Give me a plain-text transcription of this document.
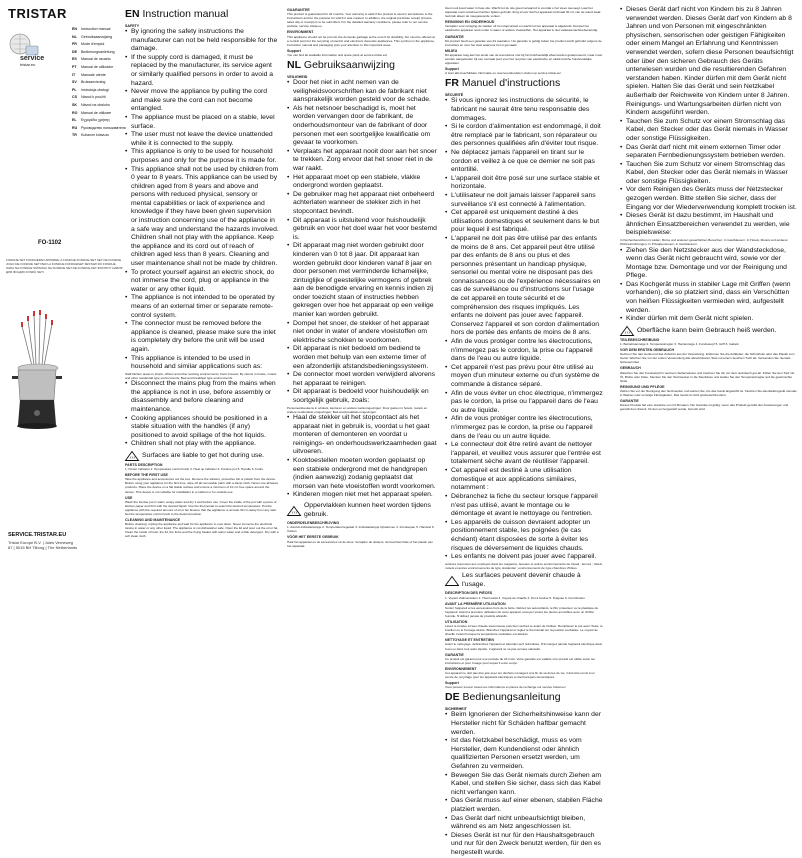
TRISTAR
service
tristar.eu
FO-1102
FONDUE SET FONDUEPAN APPAREIL A FONDUE FONDUE-SET SET DE FONDUE JOGO DE FONDUE SET PER LA FONDUE FONDUESET ZESTAW DO FONDUE SADA NA FONDUE SÚPRAVA NA FONDUE SET DE FONDUE ΣΕΤ ΦΟΝΤΙΟΥ НАБОР ДЛЯ ФОНДЮ FONDÜ SETI
SERVICE.TRISTAR.EU
Tristar Europe B.V. | Jules Verneweg 87 | 5015 BH Tilburg | The Netherlands
EN Instruction manual
NL Gebruiksaanwijzing
FR Mode d'emploi
DE Bedienungsanleitung
ES Manual de usuario
PT Manual de utilizador
IT Manuale utente
SV Bruksanvisning
PL Instrukcja obsługi
CS Návod k použití
SK Návod na obsluhu
RO Manual de utilizare
EL Εγχειρίδιο χρήσης
RU Руководство пользователя
TR Kullanım kılavuzu
EN Instruction manual
SAFETY
• By ignoring the safety instructions the manufacturer can not be held responsible for the damage.
• If the supply cord is damaged, it must be replaced by the manufacturer, its service agent or similarly qualified persons in order to avoid a hazard.
• Never move the appliance by pulling the cord and make sure the cord can not become entangled.
• The appliance must be placed on a stable, level surface.
• The user must not leave the device unattended while it is connected to the supply.
• This appliance is only to be used for household purposes and only for the purpose it is made for.
• This appliance shall not be used by children from 0 year to 8 years. This appliance can be used by children aged from 8 years and above and persons with reduced physical, sensory or mental capabilities or lack of experience and knowledge if they have been given supervision or instruction concerning use of the appliance in a safe way and understand the hazards involved. Children shall not play with the appliance. Keep the appliance and its cord out of reach of children aged less than 8 years. Cleaning and user maintenance shall not be made by children.
• To protect yourself against an electric shock, do not immerse the cord, plug or appliance in the water or any other liquid.
• The appliance is not intended to be operated by means of an external timer or separate remote-control system.
• The connector must be removed before the appliance is cleaned, please make sure the inlet is completely dry before the unit will be used again.
• This appliance is intended to be used in household and similar applications such as:
Staff kitchen areas in shops, offices and other working environments; Farm houses; By clients in hotels, motels and other residential type environments; Bed and breakfast type environments.
• Disconnect the mains plug from the mains when the appliance is not in use, before assembly or disassembly and before cleaning and maintenance.
• Cooking appliances should be positioned in a stable situation with the handles (if any) positioned to avoid spillage of the hot liquids.
• Children shall not play with the appliance.
Surfaces are liable to get hot during use.
PARTS DESCRIPTION
1. Power indicator 2. Temperature control knob 3. Heat up indicator 4. Fondue pot 5. Handle 6. Forks
BEFORE THE FIRST USE
Take the appliance and accessories out the box. Remove the stickers, protective foil or plastic from the device. Before using your appliance for the first time, wipe off all removable parts with a damp cloth. Never use abrasive products. Place the device on a flat stable surface and ensure a minimum of 10 cm free space around the device. This device is not suitable for installation in a cabinet or for outside use.
USE
Wash the fondue pot in warm soapy water and dry it well before use. Cover the inside of the pot with a piece of kitchen paper and fill it with the desired liquid. Use the thermostat to select the desired temperature. Put the appliance with the required amount of oil or fat. Ensure that the appliance is at least 30 cm away from any wall. Set the temperature control knob to the desired position.
CLEANING AND MAINTENANCE
Before cleaning, unplug the appliance and wait for the appliance to cool down. Never immerse the electrical device in water or any other liquid. The appliance is not dishwasher safe. Open the lid and pour out the oil or fat. Clean the inside of bowl, the lid, the forks and the frying basket with warm water and a little detergent. Dry with a soft clean cloth.
GUARANTEE
This product is guaranteed for 24 months. Your warranty is valid if the product is used in accordance to the instructions and for the purpose for which it was created. In addition, the original purchase receipt (invoice, sales slip or receipt) is to be submitted. For the detailed warranty conditions, please refer to our service website: service.tristar.eu
ENVIRONMENT
This appliance should not be put into the domestic garbage at the end of its durability, but must be offered at a central point for the recycling of electric and electronic domestic appliances. This symbol on the appliance, instruction manual and packaging puts your attention to this important issue.
Support
You can find all available information and spare parts at service.tristar.eu!
NL Gebruiksaanwijzing
VEILIGHEID
• Door het niet in acht nemen van de veiligheidsvoorschriften kan de fabrikant niet aansprakelijk worden gesteld voor de schade.
• Als het netsnoer beschadigd is, moet het worden vervangen door de fabrikant, de onderhoudsmonteur van de fabrikant of door personen met een soortgelijke kwalificatie om gevaar te voorkomen.
• Verplaats het apparaat nooit door aan het snoer te trekken. Zorg ervoor dat het snoer niet in de war raakt.
• Het apparaat moet op een stabiele, vlakke ondergrond worden geplaatst.
• De gebruiker mag het apparaat niet onbeheerd achterlaten wanneer de stekker zich in het stopcontact bevindt.
• Dit apparaat is uitsluitend voor huishoudelijk gebruik en voor het doel waar het voor bestemd is.
• Dit apparaat mag niet worden gebruikt door kinderen van 0 tot 8 jaar. Dit apparaat kan worden gebruikt door kinderen vanaf 8 jaar en door personen met verminderde lichamelijke, zintuiglijke of geestelijke vermogens of gebrek aan de benodigde ervaring en kennis indien zij onder toezicht staan of instructies hebben gekregen over hoe het apparaat op een veilige manier kan worden gebruikt.
• Dompel het snoer, de stekker of het apparaat niet onder in water of andere vloeistoffen om elektrische schokken te voorkomen.
• Dit apparaat is niet bedoeld om bediend te worden met behulp van een externe timer of een afzonderlijk afstandsbedieningssysteem.
• De connector moet worden verwijderd alvorens het apparaat te reinigen.
• Dit apparaat is bedoeld voor huishoudelijk en soortgelijk gebruik, zoals:
Personeelskeukens in winkels, kantoren en andere werkomgevingen; Door gasten in hotels, motels en andere residentiële omgevingen; Bed-and-breakfast-omgevingen.
• Haal de stekker uit het stopcontact als het apparaat niet in gebruik is, voordat u het gaat monteren of demonteren en voordat u reinigings- en onderhoudswerkzaamheden gaat uitvoeren.
• Kooktoestellen moeten worden geplaatst op een stabiele ondergrond met de handgrepen (indien aanwezig) zodanig geplaatst dat morsen van hete vloeistoffen wordt voorkomen.
• Kinderen mogen niet met het apparaat spelen.
Oppervlakken kunnen heet worden tijdens gebruik.
ONDERDELENBESCHRIJVING
1. Aan/uit-indicatielampje 2. Temperatuurregelaar 3. Indicatielampje Opwarmen 4. Fonduepan 5. Handvat 6. Vorken
VÓÓR HET EERSTE GEBRUIK
Haal het apparaat en de accessoires uit de doos. Verwijder de stickers, de beschermfolie of het plastic van het apparaat.
Giet nooit koud water in hete olie. Wacht tot de olie goed verwarmd is voordat u het vlees toevoegt. Laat het apparaat nooit onbeheerd achter tijdens gebruik. Zorg ervoor dat het apparaat minimaal 30 cm van de wand staat. Gebruik alleen de meegeleverde vorken.
REINIGING EN ONDERHOUD
Verwijder voor reiniging de stekker uit het stopcontact en wacht tot het apparaat is afgekoeld. Dompel het elektrische apparaat nooit onder in water of andere vloeistoffen. Het apparaat is niet vaatwasmachinebestendig.
GARANTIE
Dit product heeft een garantie van 24 maanden. Uw garantie is geldig indien het product wordt gebruikt volgens de instructies en voor het doel waarvoor het is gemaakt.
MILIEU
Dit apparaat mag aan het einde van de levensduur niet bij het huishoudelijk afval worden gedeponeerd, maar moet worden aangeboden bij een centraal punt voor het recyclen van elektrische en elektronische huishoudelijke apparaten.
Support
U kunt alle beschikbare informatie en reserveonderdelen vinden op service.tristar.eu!
FR Manuel d'instructions
SÉCURITÉ
• Si vous ignorez les instructions de sécurité, le fabricant ne saurait être tenu responsable des dommages.
• Si le cordon d'alimentation est endommagé, il doit être remplacé par le fabricant, son réparateur ou des personnes qualifiées afin d'éviter tout risque.
• Ne déplacez jamais l'appareil en tirant sur le cordon et veillez à ce que ce dernier ne soit pas entortillé.
• L'appareil doit être posé sur une surface stable et horizontale.
• L'utilisateur ne doit jamais laisser l'appareil sans surveillance s'il est connecté à l'alimentation.
• Cet appareil est uniquement destiné à des utilisations domestiques et seulement dans le but pour lequel il est fabriqué.
• L'appareil ne doit pas être utilisé par des enfants de moins de 8 ans. Cet appareil peut être utilisé par des enfants de 8 ans ou plus et des personnes présentant un handicap physique, sensoriel ou mental voire ne disposant pas des connaissances ou de l'expérience nécessaires en cas de surveillance ou d'instructions sur l'usage de cet appareil en toute sécurité et de compréhension des risques impliqués. Les enfants ne doivent pas jouer avec l'appareil. Conservez l'appareil et son cordon d'alimentation hors de portée des enfants de moins de 8 ans.
• Afin de vous protéger contre les électrocutions, n'immergez pas le cordon, la prise ou l'appareil dans de l'eau ou autre liquide.
• Cet appareil n'est pas prévu pour être utilisé au moyen d'un minuteur externe ou d'un système de commande à distance séparé.
• Afin de vous éviter un choc électrique, n'immergez pas le cordon, la prise ou l'appareil dans de l'eau ou autre liquide.
• Afin de vous protéger contre les électrocutions, n'immergez pas le cordon, la prise ou l'appareil dans de l'eau ou un autre liquide.
• Le connecteur doit être retiré avant de nettoyer l'appareil, et veuillez vous assurer que l'entrée est totalement sèche avant de réutiliser l'appareil.
• Cet appareil est destiné à une utilisation domestique et aux applications similaires, notamment :
• Débranchez la fiche du secteur lorsque l'appareil n'est pas utilisé, avant le montage ou le démontage et avant le nettoyage ou l'entretien.
• Les appareils de cuisson devraient adopter un positionnement stable, les poignées (le cas échéant) étant disposées de sorte à éviter les risques de déversement de liquides chauds.
• Les enfants ne doivent pas jouer avec l'appareil.
cuisines réservées aux employés dans les magasins, bureaux et autres environnements de travail ; fermes ; hôtels, motels et autres environnements de type résidentiel ; environnements de type chambres d'hôtes.
Les surfaces peuvent devenir chaude à l'usage.
DESCRIPTION DES PIÈCES
1. Voyant d'alimentation 2. Thermostat 3. Voyant de chauffe 4. Pot à fondue 5. Poignée 6. Fourchettes
AVANT LA PREMIÈRE UTILISATION
Sortez l'appareil et les accessoires hors de la boîte. Retirez les autocollants, le film protecteur ou le plastique de l'appareil. Avant la première utilisation de votre appareil, essuyez toutes les pièces amovibles avec un chiffon humide. N'utilisez jamais de produits abrasifs.
UTILISATION
Lavez le fondue à l'eau chaude savonneuse puis bien séchez-le avant de l'utiliser. Remplissez le pot avec l'huile, le bouillon ou le fromage désiré. Branchez l'appareil et réglez le thermostat sur la position souhaitée. Le voyant de chauffe s'éteint lorsque la température souhaitée est atteinte.
NETTOYAGE ET ENTRETIEN
Avant le nettoyage, débranchez l'appareil et attendez qu'il refroidisse. N'immergez jamais l'appareil électrique dans l'eau ou dans tout autre liquide. L'appareil ne va pas au lave-vaisselle.
GARANTIE
Ce produit est garanti pour une période de 24 mois. Votre garantie est valable si le produit est utilisé selon les instructions et pour l'usage pour lequel il a été conçu.
ENVIRONNEMENT
Cet appareil ne doit pas être jeté avec les déchets ménagers à la fin de sa durée de vie, il doit être remis à un centre de recyclage pour les appareils électriques et électroniques domestiques.
Support
Vous pouvez trouver toutes les informations et pièces de rechange sur service.tristar.eu!
DE Bedienungsanleitung
SICHERHEIT
• Beim Ignorieren der Sicherheitshinweise kann der Hersteller nicht für Schäden haftbar gemacht werden.
• Ist das Netzkabel beschädigt, muss es vom Hersteller, dem Kundendienst oder ähnlich qualifizierten Personen ersetzt werden, um Gefahren zu vermeiden.
• Bewegen Sie das Gerät niemals durch Ziehen am Kabel, und stellen Sie sicher, dass sich das Kabel nicht verfangen kann.
• Das Gerät muss auf einer ebenen, stabilen Fläche platziert werden.
• Das Gerät darf nicht unbeaufsichtigt bleiben, während es am Netz angeschlossen ist.
• Dieses Gerät ist nur für den Haushaltsgebrauch und nur für den Zweck benutzt werden, für den es hergestellt wurde.
• Dieses Gerät darf nicht von Kindern bis zu 8 Jahren verwendet werden. Dieses Gerät darf von Kindern ab 8 Jahren und von Personen mit eingeschränkten physischen, sensorischen oder geistigen Fähigkeiten oder einem Mangel an Erfahrung und Kenntnissen verwendet werden, sofern diese Personen beaufsichtigt oder über den sicheren Gebrauch des Geräts unterwiesen wurden und die resultierenden Gefahren verstanden haben. Kinder dürfen mit dem Gerät nicht spielen. Halten Sie das Gerät und sein Netzkabel außerhalb der Reichweite von Kindern unter 8 Jahren. Reinigungs- und Wartungsarbeiten dürfen nicht von Kindern ausgeführt werden.
• Tauchen Sie zum Schutz vor einem Stromschlag das Kabel, den Stecker oder das Gerät niemals in Wasser oder sonstige Flüssigkeiten.
• Das Gerät darf nicht mit einem externen Timer oder separaten Fernbedienungssystem betrieben werden.
• Tauchen Sie zum Schutz vor einem Stromschlag das Kabel, den Stecker oder das Gerät niemals in Wasser oder sonstige Flüssigkeiten.
• Vor dem Reinigen des Geräts muss der Netzstecker gezogen werden. Bitte stellen Sie sicher, dass der Eingang vor der Wiederverwendung komplett trocken ist.
• Dieses Gerät ist dazu bestimmt, im Haushalt und ähnlichen Einsatzbereichen verwendet zu werden, wie beispielsweise:
In Küchenbereichen in Läden, Büros und anderen gewerblichen Bereichen; In Gasthäusern; In Hotels, Motels und anderen Wohneinrichtungen; In Privatpensionen; In Gutshäusern.
• Ziehen Sie den Netzstecker aus der Wandsteckdose, wenn das Gerät nicht gebraucht wird, sowie vor der Montage bzw. Demontage und vor der Reinigung und Pflege.
• Das Kochgerät muss in stabiler Lage mit Griffen (wenn vorhanden), die so platziert sind, dass ein Verschütten von heißen Flüssigkeiten vermieden wird, aufgestellt werden.
• Kinder dürfen mit dem Gerät nicht spielen.
Oberfläche kann beim Gebrauch heiß werden.
TEILEBESCHREIBUNG
1. Betriebsanzeige 2. Temperaturregler 3. Heizanzeige 4. Fonduetopf 5. Griff 6. Gabeln
VOR DEM ERSTEN GEBRAUCH
Nehmen Sie das Gerät und das Zubehör aus der Verpackung. Entfernen Sie die Aufkleber, die Schutzfolie oder das Plastik vom Gerät. Wischen Sie vor der ersten Verwendung alle abnehmbaren Teile mit einem feuchten Tuch ab. Verwenden Sie niemals Scheuermittel.
GEBRAUCH
Waschen Sie den Fonduetopf in warmem Seifenwasser und trocknen Sie ihn vor dem Gebrauch gut ab. Füllen Sie den Topf mit Öl, Brühe oder Käse. Stecken Sie den Netzstecker in die Steckdose und stellen Sie den Temperaturregler auf die gewünschte Stufe.
REINIGUNG UND PFLEGE
Ziehen Sie vor der Reinigung den Netzstecker und warten Sie, bis das Gerät abgekühlt ist. Tauchen Sie das Elektrogerät niemals in Wasser oder sonstige Flüssigkeiten. Das Gerät ist nicht spülmaschinenfest.
GARANTIE
Dieses Produkt hat eine Garantie von 24 Monaten. Die Garantie ist gültig, wenn das Produkt gemäß den Anweisungen und gemäß dem Zweck, für den es hergestellt wurde, benutzt wird.
